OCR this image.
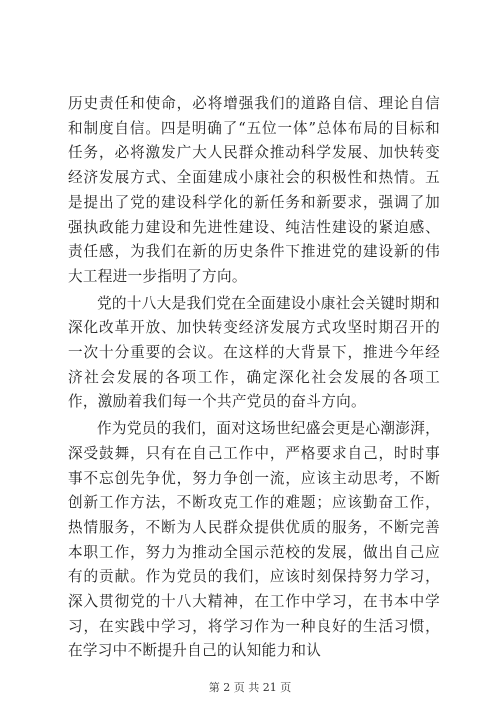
历史责任和使命，必将增强我们的道路自信、理论自信和制度自信。四是明确了“五位一体”总体布局的目标和任务，必将激发广大人民群众推动科学发展、加快转变经济发展方式、全面建成小康社会的积极性和热情。五是提出了党的建设科学化的新任务和新要求，强调了加强执政能力建设和先进性建设、纯洁性建设的紧迫感、责任感，为我们在新的历史条件下推进党的建设新的伟大工程进一步指明了方向。

党的十八大是我们党在全面建设小康社会关键时期和深化改革开放、加快转变经济发展方式攻坚时期召开的一次十分重要的会议。在这样的大背景下，推进今年经济社会发展的各项工作，确定深化社会发展的各项工作，激励着我们每一个共产党员的奋斗方向。

作为党员的我们，面对这场世纪盛会更是心潮澎湃，深受鼓舞，只有在自己工作中，严格要求自己，时时事事不忘创先争优，努力争创一流，应该主动思考，不断创新工作方法，不断攻克工作的难题；应该勤奋工作，热情服务，不断为人民群众提供优质的服务，不断完善本职工作，努力为推动全国示范校的发展，做出自己应有的贡献。作为党员的我们，应该时刻保持努力学习，深入贯彻党的十八大精神，在工作中学习，在书本中学习，在实践中学习，将学习作为一种良好的生活习惯，在学习中不断提升自己的认知能力和认

第 2 页 共 21 页
